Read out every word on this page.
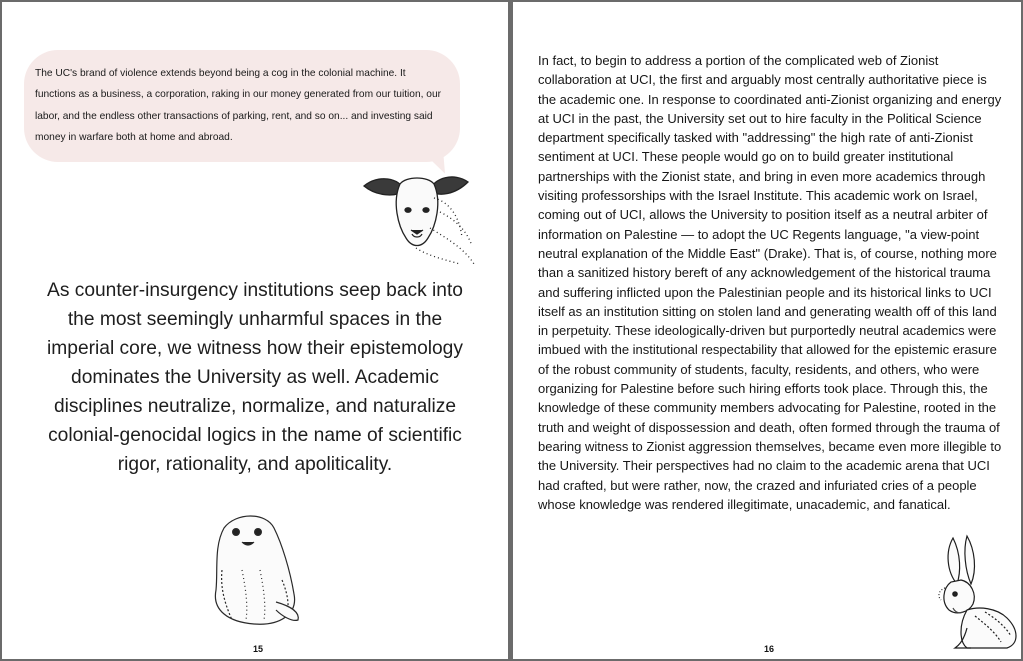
The UC's brand of violence extends beyond being a cog in the colonial machine. It functions as a business, a corporation, raking in our money generated from our tuition, our labor, and the endless other transactions of parking, rent, and so on... and investing said money in warfare both at home and abroad.

As counter-insurgency institutions seep back into the most seemingly unharmful spaces in the imperial core, we witness how their epistemology dominates the University as well. Academic disciplines neutralize, normalize, and naturalize colonial-genocidal logics in the name of scientific rigor, rationality, and apoliticality.

15

In fact, to begin to address a portion of the complicated web of Zionist collaboration at UCI, the first and arguably most centrally authoritative piece is the academic one. In response to coordinated anti-Zionist organizing and energy at UCI in the past, the University set out to hire faculty in the Political Science department specifically tasked with "addressing" the high rate of anti-Zionist sentiment at UCI. These people would go on to build greater institutional partnerships with the Zionist state, and bring in even more academics through visiting professorships with the Israel Institute. This academic work on Israel, coming out of UCI, allows the University to position itself as a neutral arbiter of information on Palestine — to adopt the UC Regents language, "a view-point neutral explanation of the Middle East" (Drake). That is, of course, nothing more than a sanitized history bereft of any acknowledgement of the historical trauma and suffering inflicted upon the Palestinian people and its historical links to UCI itself as an institution sitting on stolen land and generating wealth off of this land in perpetuity. These ideologically-driven but purportedly neutral academics were imbued with the institutional respectability that allowed for the epistemic erasure of the robust community of students, faculty, residents, and others, who were organizing for Palestine before such hiring efforts took place. Through this, the knowledge of these community members advocating for Palestine, rooted in the truth and weight of dispossession and death, often formed through the trauma of bearing witness to Zionist aggression themselves, became even more illegible to the University. Their perspectives had no claim to the academic arena that UCI had crafted, but were rather, now, the crazed and infuriated cries of a people whose knowledge was rendered illegitimate, unacademic, and fanatical.

16
